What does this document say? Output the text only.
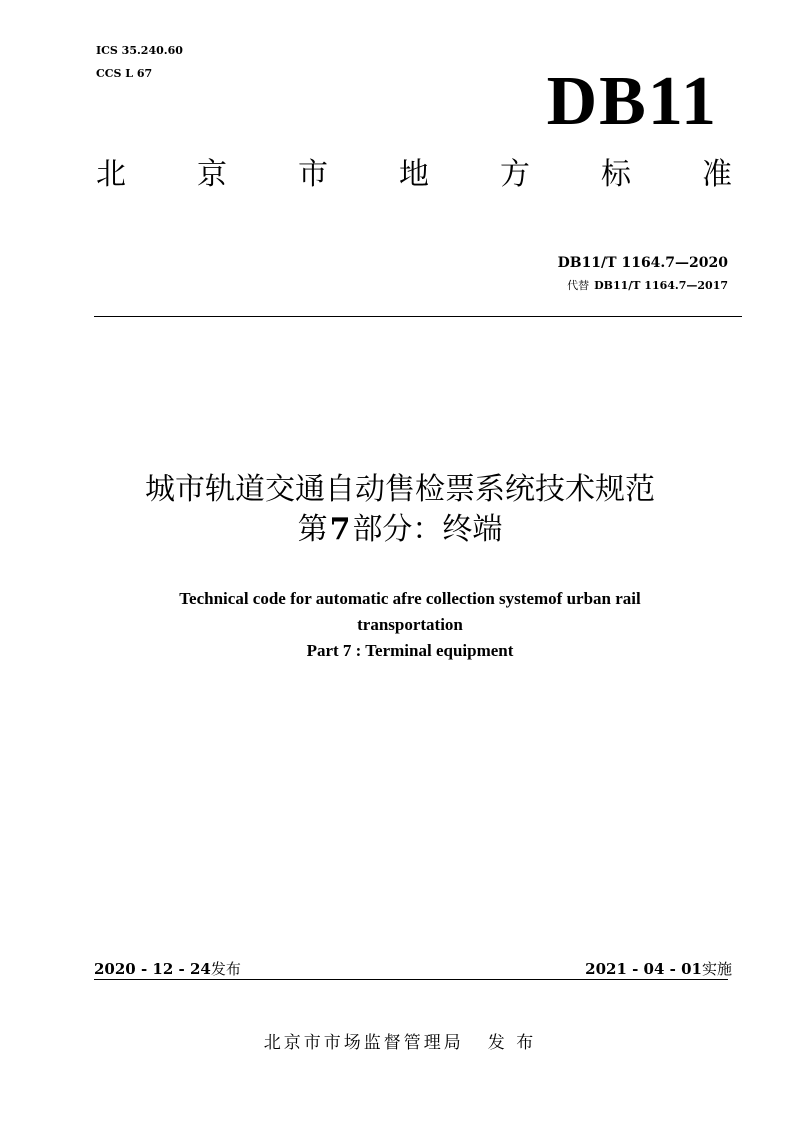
ICS 35.240.60
CCS L 67	DB11
北 京 市 地 方 标 准
DB11/T 1164.7—2020
代替 DB11/T 1164.7—2017
城市轨道交通自动售检票系统技术规范
第7部分：终端
Technical code for automatic afre collection systemof urban rail
transportation
Part 7 : Terminal equipment
2020 - 12 - 24发布	2021 - 04 - 01实施
北京市市场监督管理局 发 布
